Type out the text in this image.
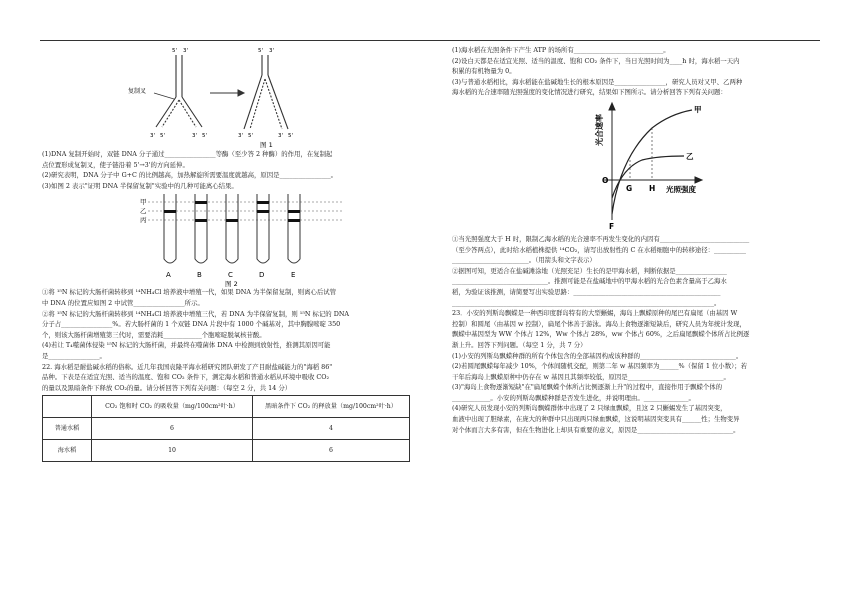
5' 3'	5' 3'
复制叉
3' 5'	3' 5'	3' 5'	3' 5'
图 1

(1)DNA 复制开始时，双链 DNA 分子通过________________等酶（至少答 2 种酶）的作用，在复制起

点位置形成复制叉，使子链沿着 5'→3'的方向延伸。

(2)研究表明，DNA 分子中 G+C 的比例越高，加热解旋所需要温度就越高，原因是________________。

(3)如图 2 表示"证明 DNA 半保留复制"实验中的几种可能离心结果。

甲
乙
丙
A	B	C	D	E
图 2

①将 ¹⁵N 标记的大肠杆菌转移到 ¹⁴NH₄Cl 培养液中增殖一代，如果 DNA 为半保留复制，则离心后试管

中 DNA 的位置应如图 2 中试管________________所示。

②将 ¹⁵N 标记的大肠杆菌转移到 ¹⁴NH₄Cl 培养液中增殖三代，若 DNA 为半保留复制，则 ¹⁵N 标记的 DNA

分子占________________%。若大肠杆菌的 1 个双链 DNA 片段中有 1000 个碱基对，其中胸腺嘧啶 350

个，则该大肠杆菌增殖第三代时，需要消耗____________个胞嘧啶脱氧核苷酸。

(4)若让 T₄噬菌体侵染 ¹⁵N 标记的大肠杆菌，并最终在噬菌体 DNA 中检测到放射性，推测其原因可能

是________________。

22. 海水稻是耐盐碱水稻的俗称。近几年我国袁隆平海水稻研究团队研发了产目耐盐碱能力的"海稻 86"

品种。下表是在适宜光照、适当的温度、饱和 CO₂ 条件下，测定海水稻和普通水稻从环境中吸收 CO₂

的量以及黑暗条件下释放 CO₂的量。请分析回答下列有关问题：（每空 2 分，共 14 分）

	CO₂ 饱和时 CO₂ 的吸收量（mg/100cm²叶·h）	黑暗条件下 CO₂ 的释放量（mg/100cm²叶·h）
普通水稻	6	4
海水稻	10	6

(1)海水稻在光照条件下产生 ATP 的场所有____________________________。

(2)设白天都是在适宜光照、适当的温度、饱和 CO₂ 条件下，当日光照时间为____h 时，海水稻一天内

积累的有机物量为 0。

(3)与普通水稻相比，海水稻能在盐碱地生长的根本原因是________________，研究人员对又甲、乙两种

海水稻的光合速率随光照强度的变化情况进行研究，结果如下图所示。请分析回答下列有关问题：

光合速率
光照强度
甲
乙
O
G H
F

①当光照强度大于 H 时，限制乙海水稻的光合速率不再发生变化的内因有____________________________

（至少答两点），此时给水稻植株提供 ¹⁴CO₂，请写出放射性的 C 在水稻细胞中的转移途径：__________

________________________。（用箭头和文字表示）

②据图可知，更适合在盐碱滩涂地（光照充足）生长的是甲海水稻，判断依据是________________

______________________________。推测可能是在盐碱地中的甲海水稻的光合色素含量高于乙海水

稻，为验证该推测，请简要写出实验思路：______________________________________________

__________________________________________________________________________________。

23．小安的列斯岛飘蝾是一种西印度群岛特有的大型蜥蜴，海岛上飘蝾原种的尾巴有扁尾（由基因 W

控制）和圆尾（由基因 w 控制），扁尾个体善于游泳。海岛上食物逐渐短缺后，研究人员为年统计发现，

飘蝾中基因型为 WW 个体占 12%，Ww 个体占 28%，ww 个体占 60%，之后扁尾飘蝾个体所占比例逐

渐上升。回答下列问题。（每空 1 分，共 7 分）

(1)小安的列斯岛飘蝾种群的所有个体包含的全部基因构成该种群的______________________________。

(2)若圆尾飘蝾每年减少 10%，个体间随机交配，则第二年 w 基因频率为______%（保留 1 位小数）；若

干年后海岛上飘蝾原种中仍存在 w 基因且其频率较低，原因是______________________________。

(3)"海岛上食物逐渐短缺"在"扁尾飘蝾个体所占比例逐渐上升"的过程中，直接作用于飘蝾个体的

____________。小安的列斯岛飘蝾种群是否发生进化，并说明理由。______________。

(4)研究人员发现小安的列斯岛飘蝾群体中出现了 2 只绿血飘蝾，且这 2 只蜥蜴发生了基因突变，

血液中出现了胆绿素，在庞大的种群中只出现两只绿血飘蝾，这说明基因突变具有______性；生物变异

对个体而言大多有害，但在生物进化上却具有重要的意义，原因是______________________________。
